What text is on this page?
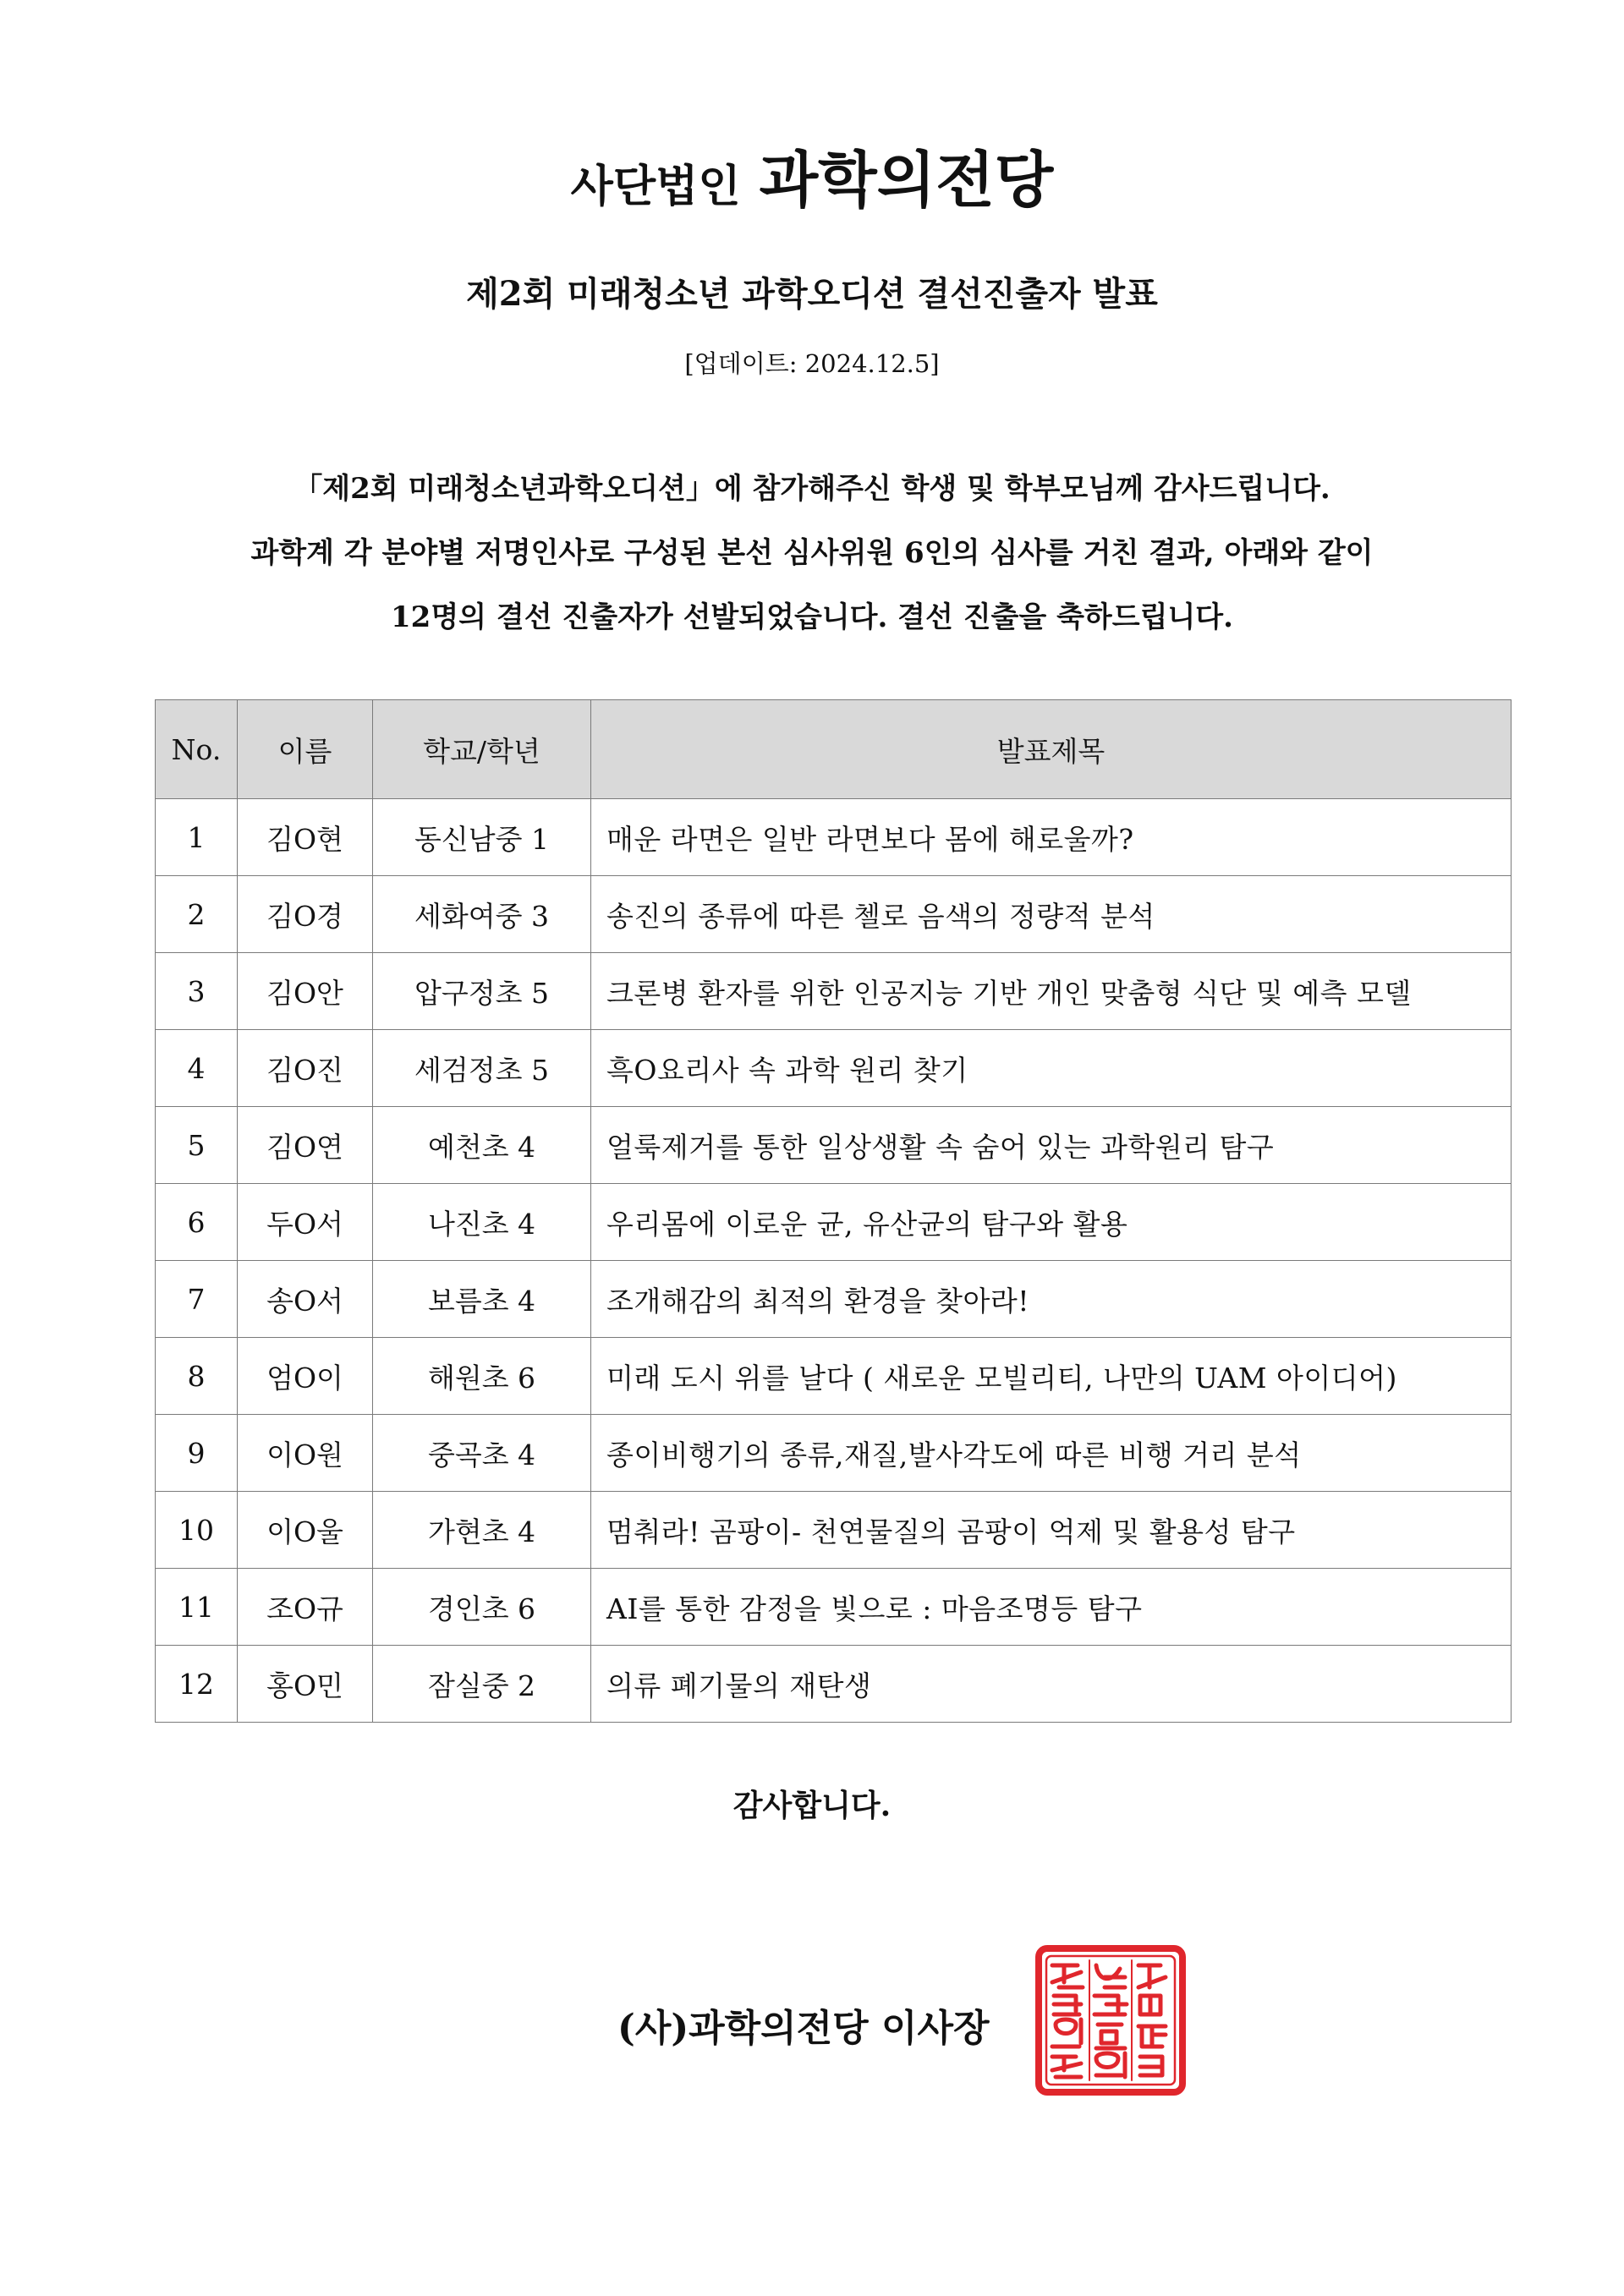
사단법인 과학의전당
제2회 미래청소년 과학오디션 결선진출자 발표
[업데이트: 2024.12.5]
「제2회 미래청소년과학오디션」에 참가해주신 학생 및 학부모님께 감사드립니다.
과학계 각 분야별 저명인사로 구성된 본선 심사위원 6인의 심사를 거친 결과, 아래와 같이
12명의 결선 진출자가 선발되었습니다. 결선 진출을 축하드립니다.
No.	이름	학교/학년	발표제목
1	김O현	동신남중 1	매운 라면은 일반 라면보다 몸에 해로울까?
2	김O경	세화여중 3	송진의 종류에 따른 첼로 음색의 정량적 분석
3	김O안	압구정초 5	크론병 환자를 위한 인공지능 기반 개인 맞춤형 식단 및 예측 모델
4	김O진	세검정초 5	흑O요리사 속 과학 원리 찾기
5	김O연	예천초 4	얼룩제거를 통한 일상생활 속 숨어 있는 과학원리 탐구
6	두O서	나진초 4	우리몸에 이로운 균, 유산균의 탐구와 활용
7	송O서	보름초 4	조개해감의 최적의 환경을 찾아라!
8	엄O이	해원초 6	미래 도시 위를 날다 ( 새로운 모빌리티, 나만의 UAM 아이디어)
9	이O원	중곡초 4	종이비행기의 종류,재질,발사각도에 따른 비행 거리 분석
10	이O울	가현초 4	멈춰라! 곰팡이- 천연물질의 곰팡이 억제 및 활용성 탐구
11	조O규	경인초 6	AI를 통한 감정을 빛으로 : 마음조명등 탐구
12	홍O민	잠실중 2	의류 폐기물의 재탄생
감사합니다.
(사)과학의전당 이사장
